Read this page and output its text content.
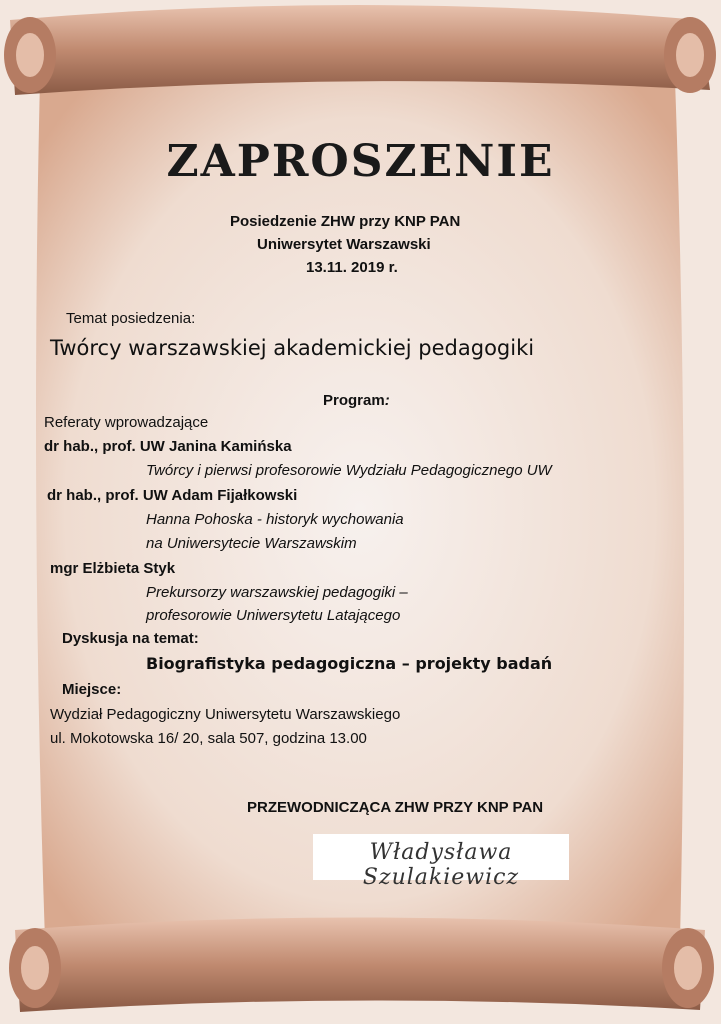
ZAPROSZENIE
Posiedzenie ZHW przy KNP PAN
Uniwersytet Warszawski
13.11. 2019 r.
Temat posiedzenia:
Twórcy warszawskiej akademickiej pedagogiki
Program:
Referaty wprowadzające
dr hab., prof. UW Janina Kamińska
Twórcy i pierwsi profesorowie Wydziału Pedagogicznego UW
dr hab., prof. UW Adam Fijałkowski
Hanna Pohoska - historyk wychowania
na Uniwersytecie Warszawskim
mgr Elżbieta Styk
Prekursorzy warszawskiej pedagogiki –
profesorowie Uniwersytetu Latającego
Dyskusja na temat:
Biografistyka pedagogiczna – projekty badań
Miejsce:
Wydział Pedagogiczny Uniwersytetu Warszawskiego
ul. Mokotowska 16/ 20, sala 507, godzina 13.00
PRZEWODNICZĄCA ZHW PRZY KNP PAN
Władysława Szulakiewicz
